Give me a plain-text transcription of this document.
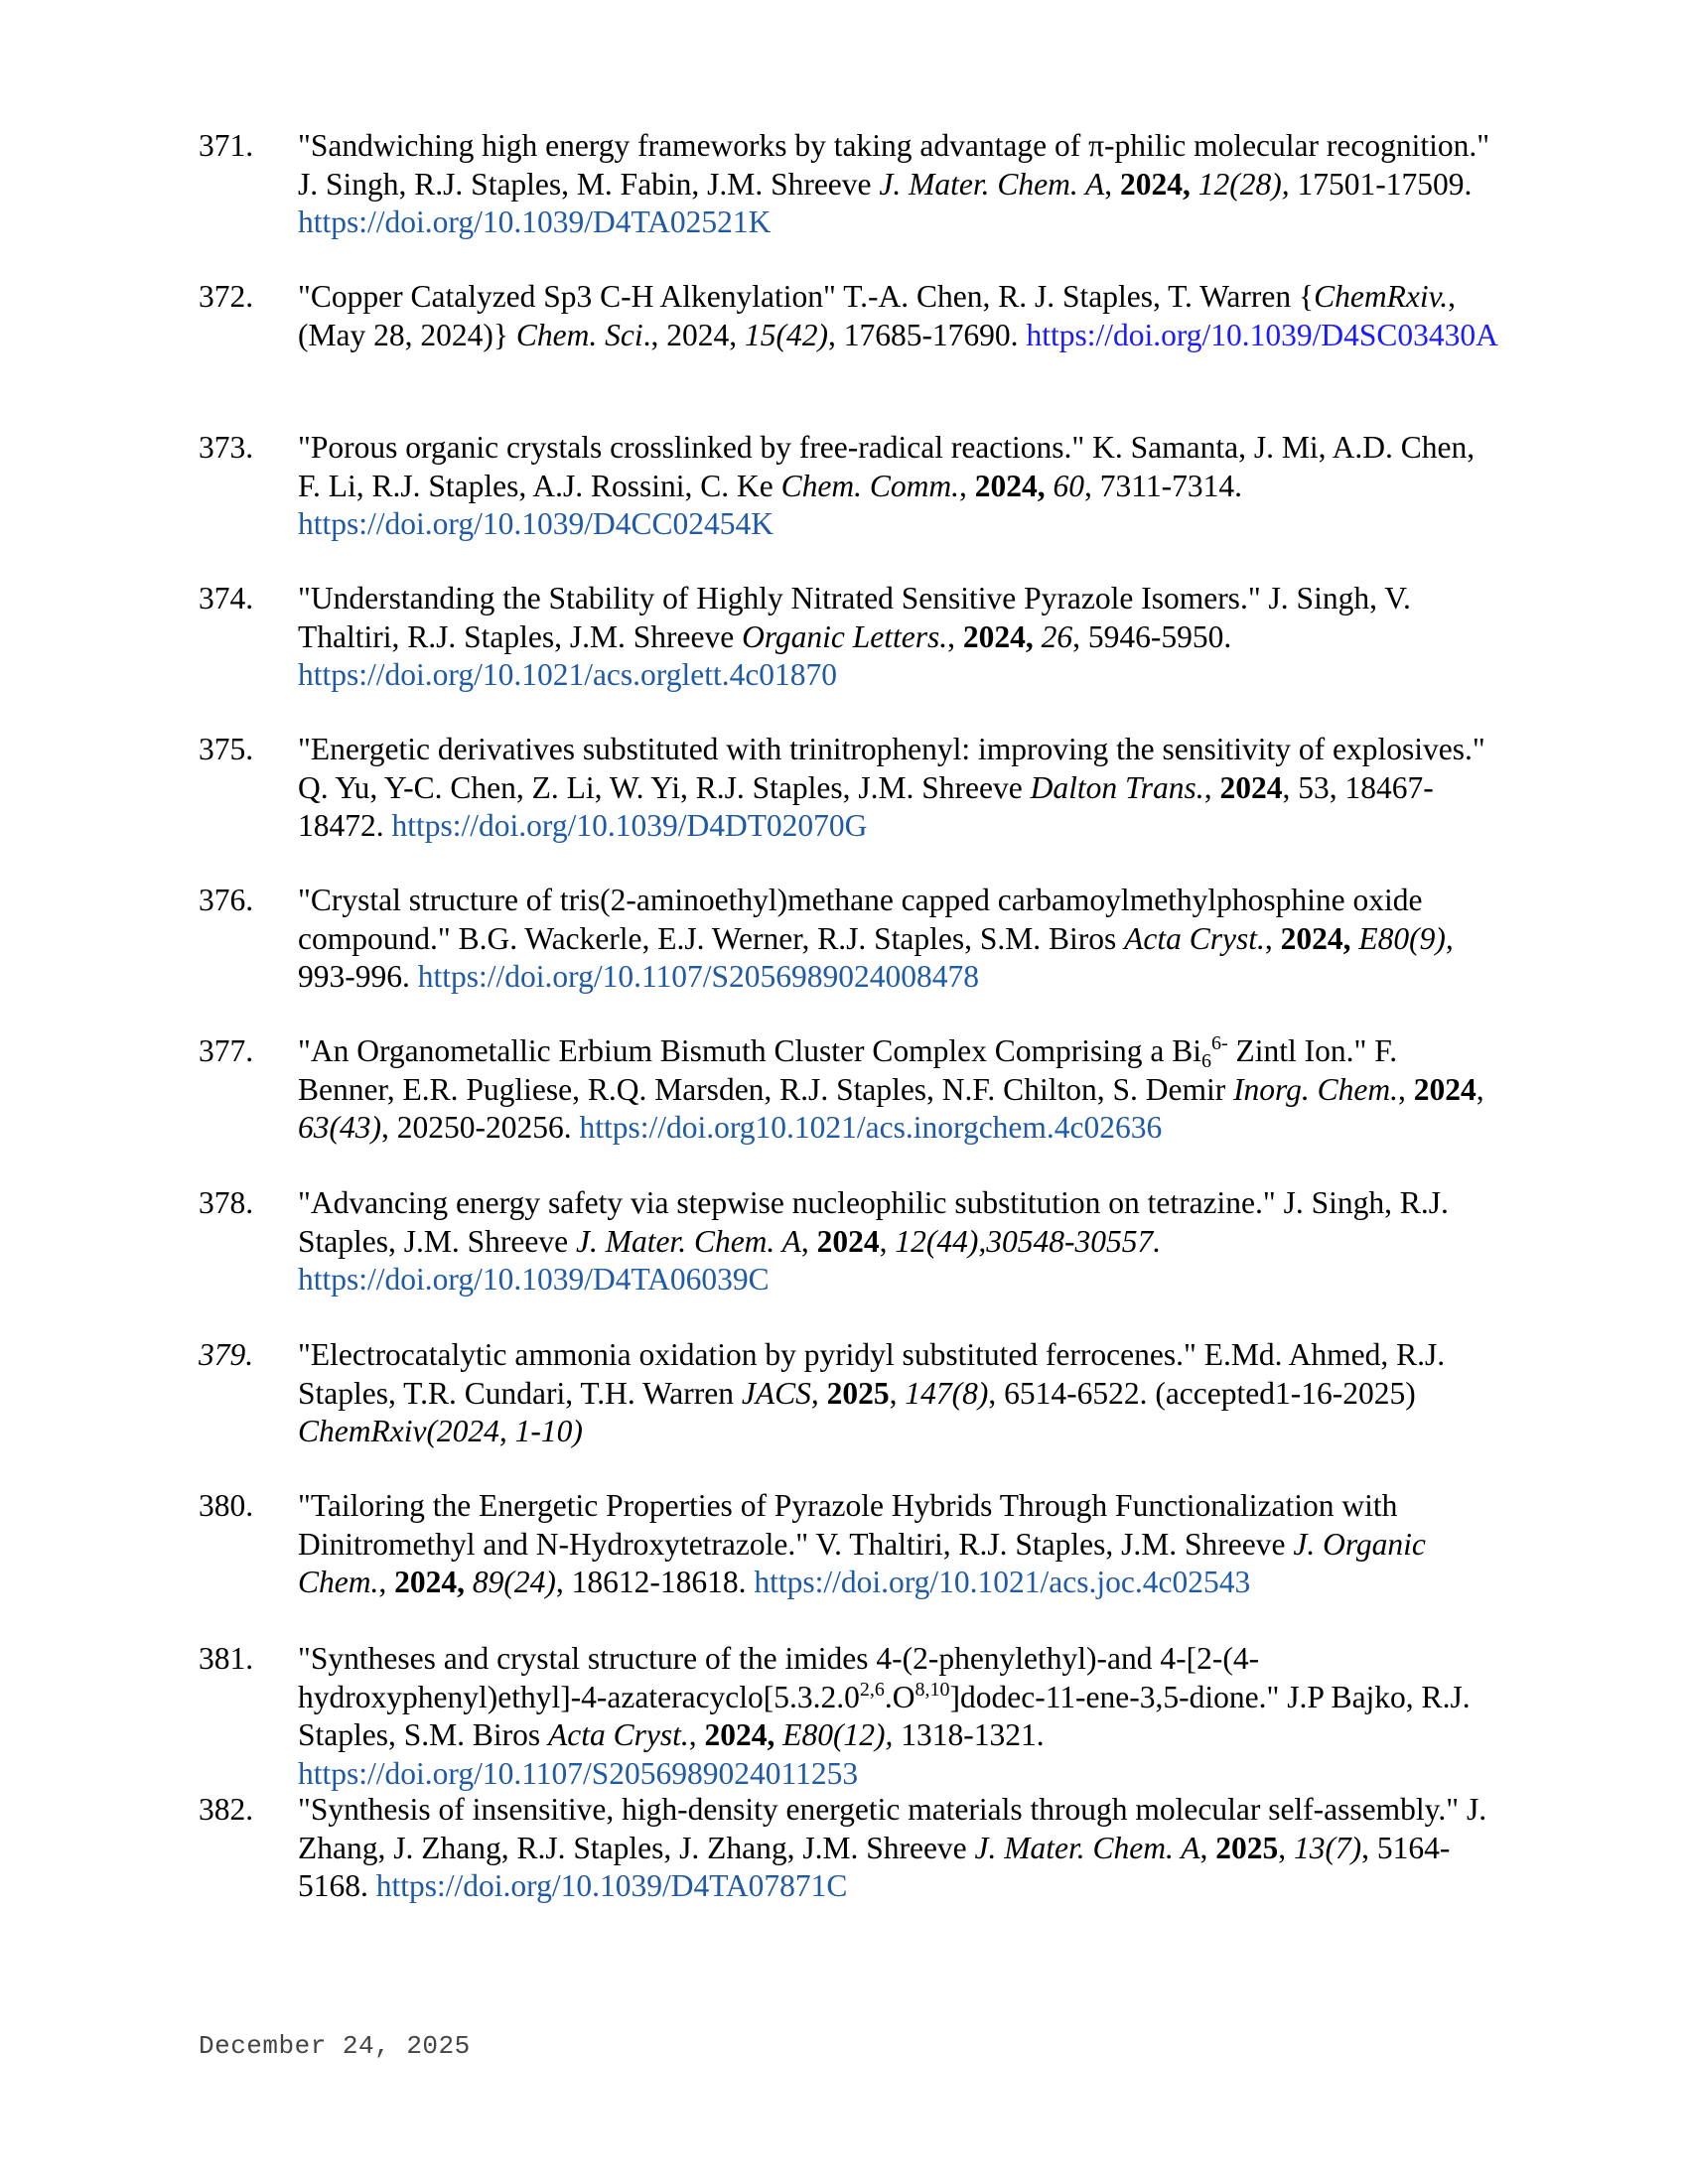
371.	"Sandwiching high energy frameworks by taking advantage of π-philic molecular recognition." J. Singh, R.J. Staples, M. Fabin, J.M. Shreeve J. Mater. Chem. A, 2024, 12(28), 17501-17509. https://doi.org/10.1039/D4TA02521K
372.	"Copper Catalyzed Sp3 C-H Alkenylation" T.-A. Chen, R. J. Staples, T. Warren {ChemRxiv., (May 28, 2024)} Chem. Sci., 2024, 15(42), 17685-17690. https://doi.org/10.1039/D4SC03430A
373.	"Porous organic crystals crosslinked by free-radical reactions." K. Samanta, J. Mi, A.D. Chen, F. Li, R.J. Staples, A.J. Rossini, C. Ke Chem. Comm., 2024, 60, 7311-7314. https://doi.org/10.1039/D4CC02454K
374.	"Understanding the Stability of Highly Nitrated Sensitive Pyrazole Isomers." J. Singh, V. Thaltiri, R.J. Staples, J.M. Shreeve Organic Letters., 2024, 26, 5946-5950. https://doi.org/10.1021/acs.orglett.4c01870
375.	"Energetic derivatives substituted with trinitrophenyl: improving the sensitivity of explosives." Q. Yu, Y-C. Chen, Z. Li, W. Yi, R.J. Staples, J.M. Shreeve Dalton Trans., 2024, 53, 18467-18472. https://doi.org/10.1039/D4DT02070G
376.	"Crystal structure of tris(2-aminoethyl)methane capped carbamoylmethylphosphine oxide compound." B.G. Wackerle, E.J. Werner, R.J. Staples, S.M. Biros Acta Cryst., 2024, E80(9), 993-996. https://doi.org/10.1107/S2056989024008478
377.	"An Organometallic Erbium Bismuth Cluster Complex Comprising a $Bi_6^{6-}$ Zintl Ion." F. Benner, E.R. Pugliese, R.Q. Marsden, R.J. Staples, N.F. Chilton, S. Demir Inorg. Chem., 2024, 63(43), 20250-20256. https://doi.org10.1021/acs.inorgchem.4c02636
378.	"Advancing energy safety via stepwise nucleophilic substitution on tetrazine." J. Singh, R.J. Staples, J.M. Shreeve J. Mater. Chem. A, 2024, 12(44),30548-30557. https://doi.org/10.1039/D4TA06039C
379.	"Electrocatalytic ammonia oxidation by pyridyl substituted ferrocenes." E.Md. Ahmed, R.J. Staples, T.R. Cundari, T.H. Warren JACS, 2025, 147(8), 6514-6522. (accepted1-16-2025) ChemRxiv(2024, 1-10)
380.	"Tailoring the Energetic Properties of Pyrazole Hybrids Through Functionalization with Dinitromethyl and N-Hydroxytetrazole." V. Thaltiri, R.J. Staples, J.M. Shreeve J. Organic Chem., 2024, 89(24), 18612-18618. https://doi.org/10.1021/acs.joc.4c02543
381.	"Syntheses and crystal structure of the imides 4-(2-phenylethyl)-and $4-[2-(4-hydroxyphenyl)ethyl]-4-azateracyclo[5.3.2.0^{2,6}.O^{8,10}]dodec-11-ene-3,5$-dione." J.P Bajko, R.J. Staples, S.M. Biros Acta Cryst., 2024, E80(12), 1318-1321. https://doi.org/10.1107/S2056989024011253
382.	"Synthesis of insensitive, high-density energetic materials through molecular self-assembly." J. Zhang, J. Zhang, R.J. Staples, J. Zhang, J.M. Shreeve J. Mater. Chem. A, 2025, 13(7), 5164-5168. https://doi.org/10.1039/D4TA07871C
December 24, 2025
